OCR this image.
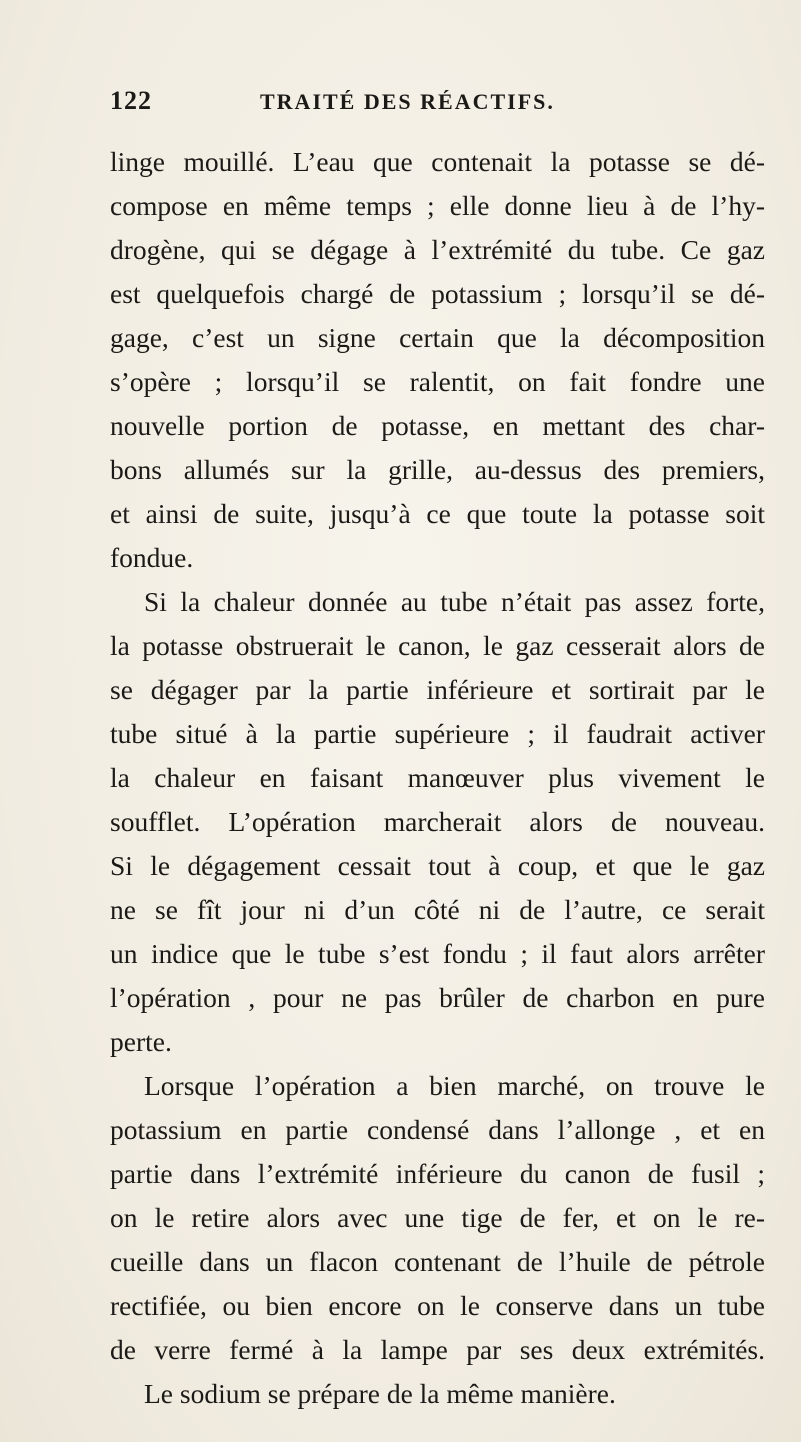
122	TRAITÉ DES RÉACTIFS.
linge mouillé. L’eau que contenait la potasse se dé-
compose en même temps ; elle donne lieu à de l’hy-
drogène, qui se dégage à l’extrémité du tube. Ce gaz
est quelquefois chargé de potassium ; lorsqu’il se dé-
gage, c’est un signe certain que la décomposition
s’opère ; lorsqu’il se ralentit, on fait fondre une
nouvelle portion de potasse, en mettant des char-
bons allumés sur la grille, au-dessus des premiers,
et ainsi de suite, jusqu’à ce que toute la potasse soit
fondue.
Si la chaleur donnée au tube n’était pas assez forte,
la potasse obstruerait le canon, le gaz cesserait alors de
se dégager par la partie inférieure et sortirait par le
tube situé à la partie supérieure ; il faudrait activer
la chaleur en faisant manœuver plus vivement le
soufflet. L’opération marcherait alors de nouveau.
Si le dégagement cessait tout à coup, et que le gaz
ne se fît jour ni d’un côté ni de l’autre, ce serait
un indice que le tube s’est fondu ; il faut alors arrêter
l’opération , pour ne pas brûler de charbon en pure
perte.
Lorsque l’opération a bien marché, on trouve le
potassium en partie condensé dans l’allonge , et en
partie dans l’extrémité inférieure du canon de fusil ;
on le retire alors avec une tige de fer, et on le re-
cueille dans un flacon contenant de l’huile de pétrole
rectifiée, ou bien encore on le conserve dans un tube
de verre fermé à la lampe par ses deux extrémités.
Le sodium se prépare de la même manière.
